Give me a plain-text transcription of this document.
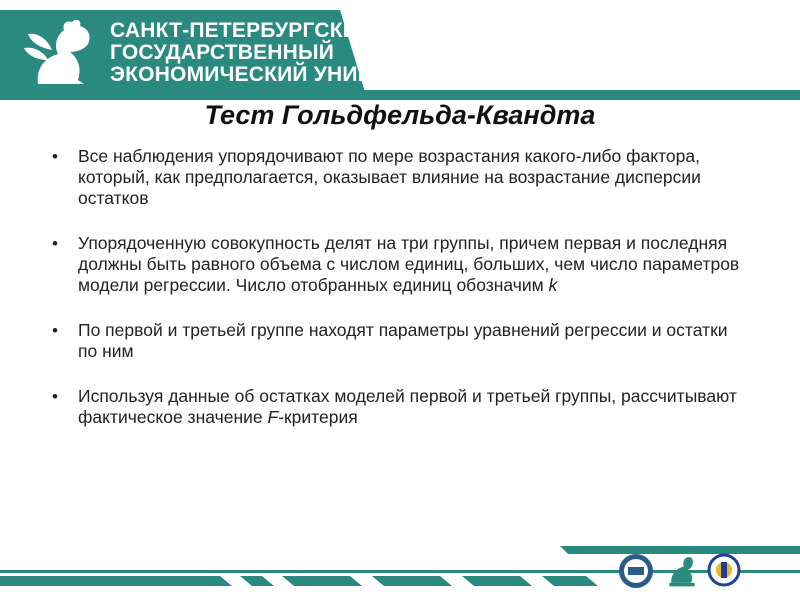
САНКТ-ПЕТЕРБУРГСКИЙ
ГОСУДАРСТВЕННЫЙ
ЭКОНОМИЧЕСКИЙ УНИВЕРСИТЕТ
Тест Гольдфельда-Квандта
• Все наблюдения упорядочивают по мере возрастания какого-либо фактора, который, как предполагается, оказывает влияние на возрастание дисперсии остатков
• Упорядоченную совокупность делят на три группы, причем первая и последняя должны быть равного объема с числом единиц, больших, чем число параметров модели регрессии. Число отобранных единиц обозначим k
• По первой и третьей группе находят параметры уравнений регрессии и остатки по ним
• Используя данные об остатках моделей первой и третьей группы, рассчитывают фактическое значение F-критерия
